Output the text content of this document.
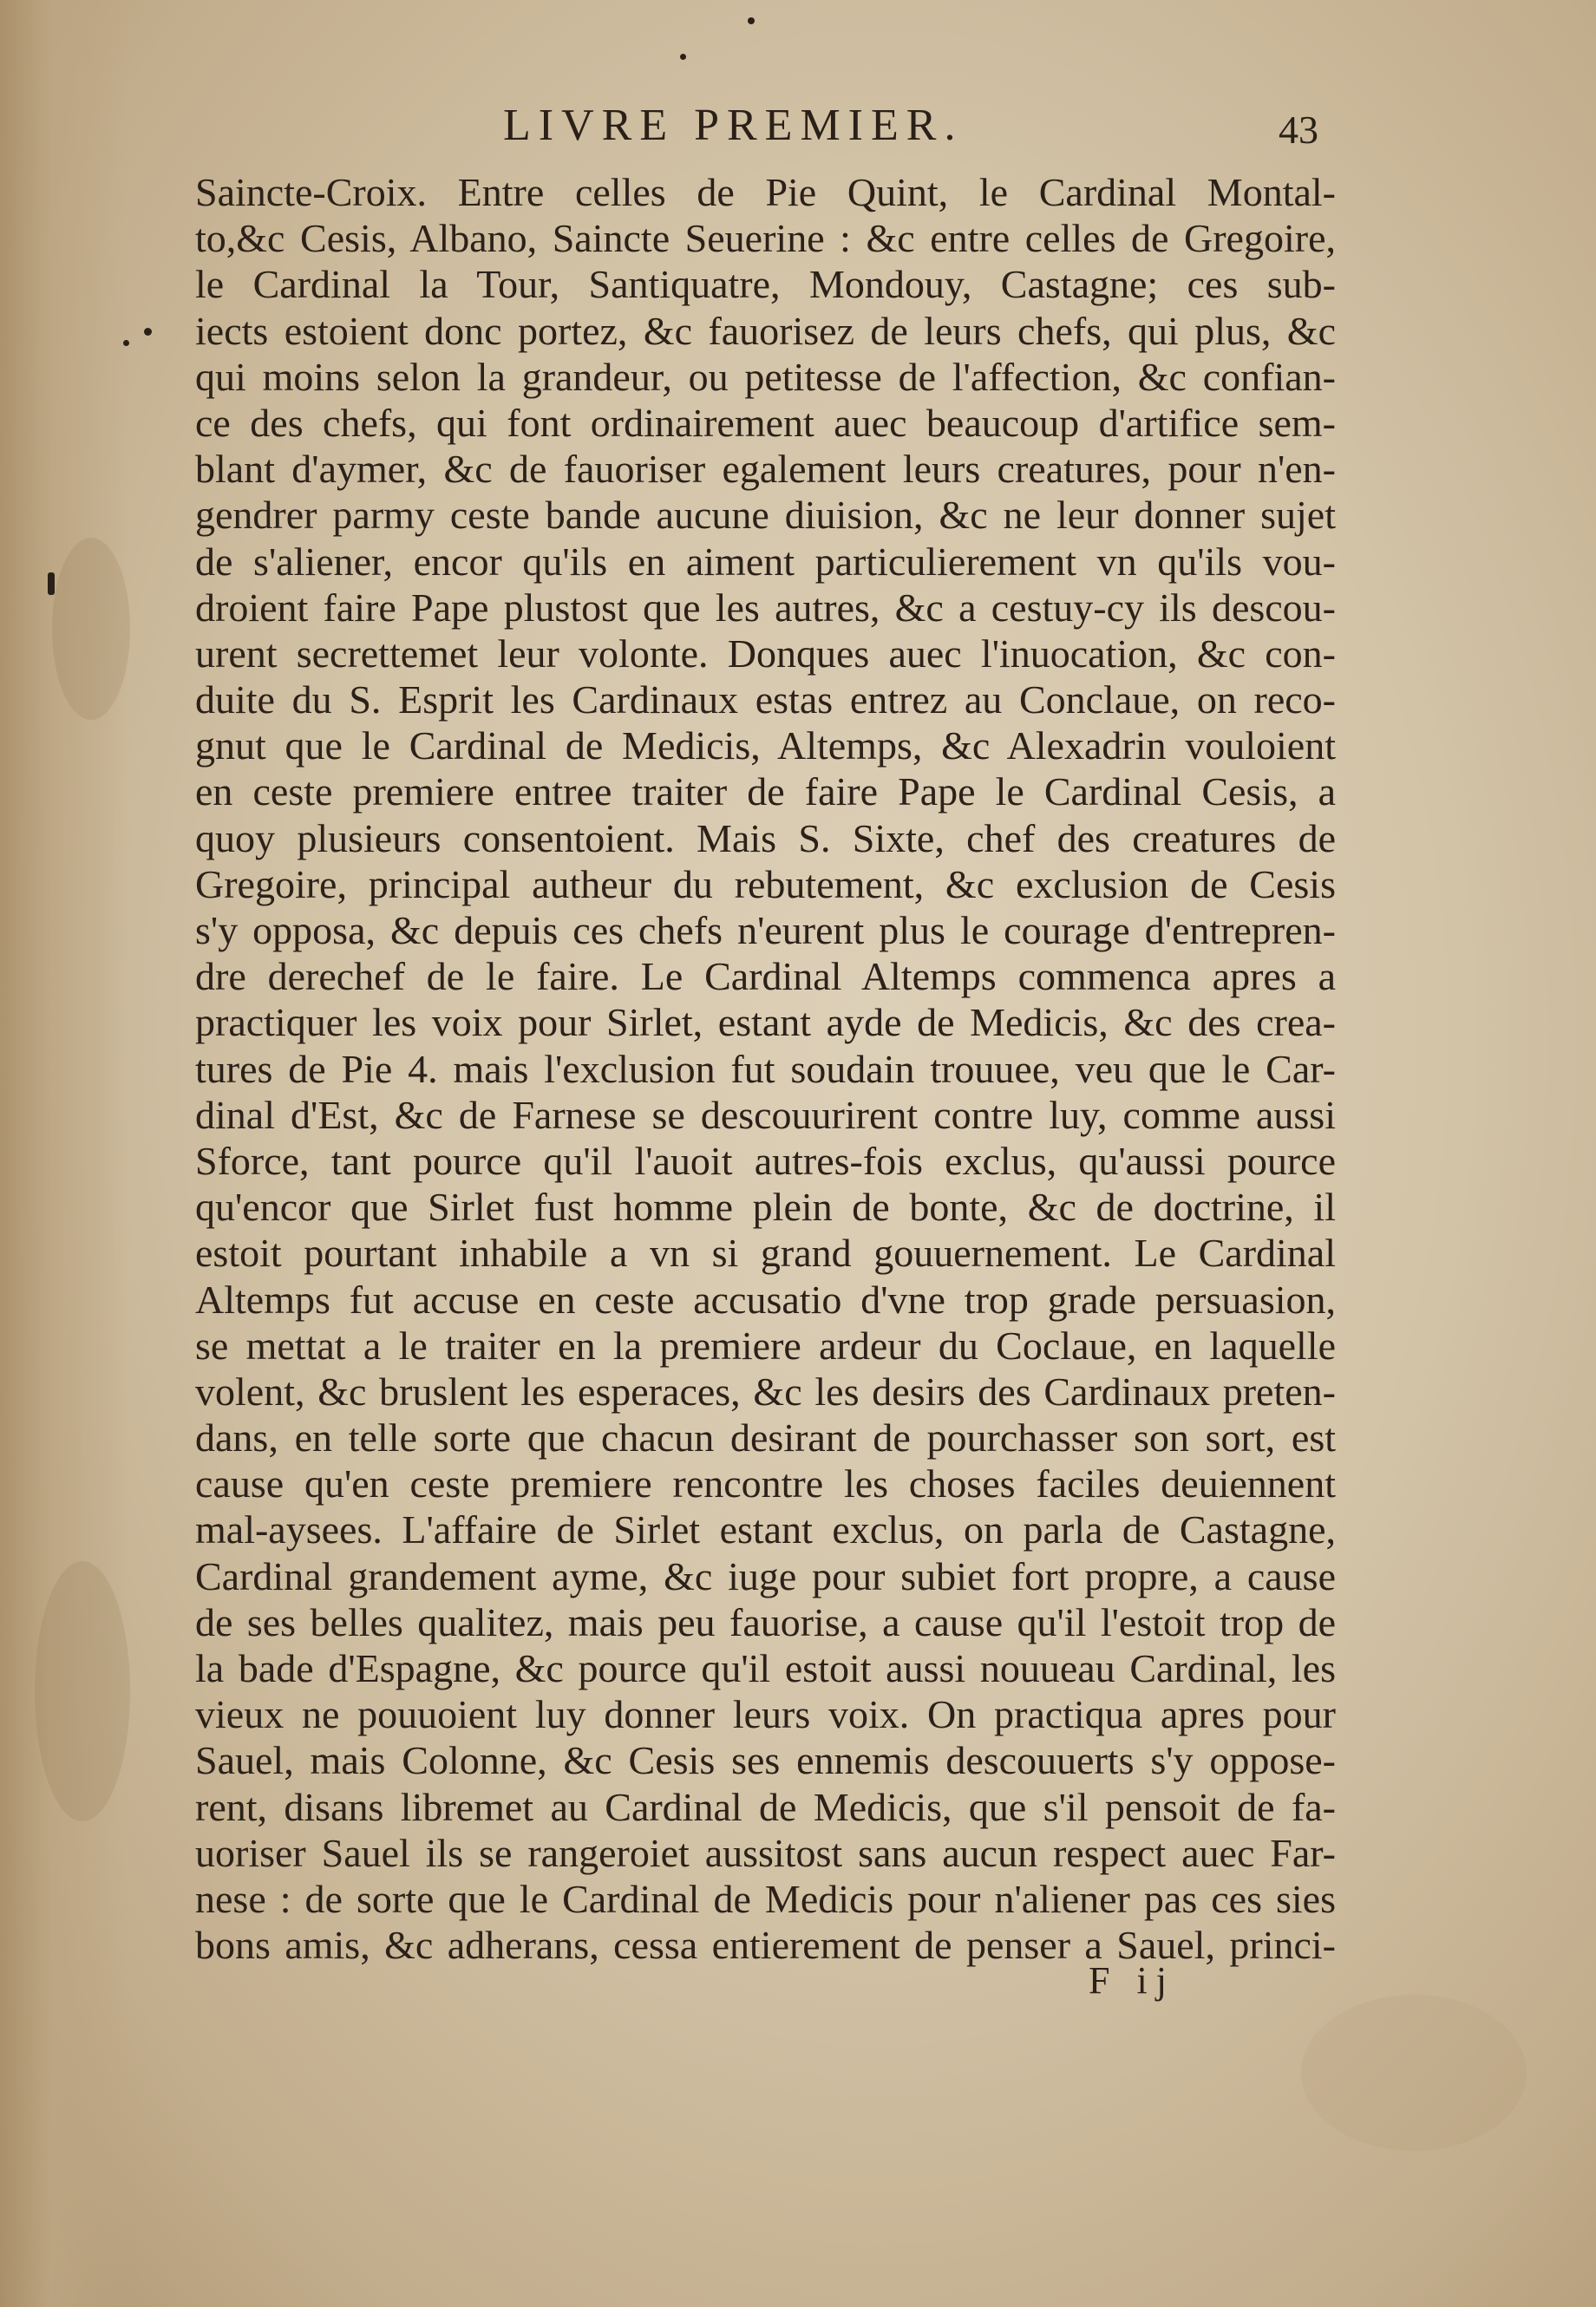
LIVRE PREMIER.	43
Saincte-Croix. Entre celles de Pie Quint, le Cardinal Montal-
to,&c Cesis, Albano, Saincte Seuerine : &c entre celles de Gregoire,
le Cardinal la Tour, Santiquatre, Mondouy, Castagne; ces sub-
iects estoient donc portez, &c fauorisez de leurs chefs, qui plus, &c
qui moins selon la grandeur, ou petitesse de l'affection, &c confian-
ce des chefs, qui font ordinairement auec beaucoup d'artifice sem-
blant d'aymer, &c de fauoriser egalement leurs creatures, pour n'en-
gendrer parmy ceste bande aucune diuision, &c ne leur donner sujet
de s'aliener, encor qu'ils en aiment particulierement vn qu'ils vou-
droient faire Pape plustost que les autres, &c a cestuy-cy ils descou-
urent secrettemet leur volonte. Donques auec l'inuocation, &c con-
duite du S. Esprit les Cardinaux estas entrez au Conclaue, on reco-
gnut que le Cardinal de Medicis, Altemps, &c Alexadrin vouloient
en ceste premiere entree traiter de faire Pape le Cardinal Cesis, a
quoy plusieurs consentoient. Mais S. Sixte, chef des creatures de
Gregoire, principal autheur du rebutement, &c exclusion de Cesis
s'y opposa, &c depuis ces chefs n'eurent plus le courage d'entrepren-
dre derechef de le faire. Le Cardinal Altemps commenca apres a
practiquer les voix pour Sirlet, estant ayde de Medicis, &c des crea-
tures de Pie 4. mais l'exclusion fut soudain trouuee, veu que le Car-
dinal d'Est, &c de Farnese se descouurirent contre luy, comme aussi
Sforce, tant pource qu'il l'auoit autres-fois exclus, qu'aussi pource
qu'encor que Sirlet fust homme plein de bonte, &c de doctrine, il
estoit pourtant inhabile a vn si grand gouuernement. Le Cardinal
Altemps fut accuse en ceste accusatio d'vne trop grade persuasion,
se mettat a le traiter en la premiere ardeur du Coclaue, en laquelle
volent, &c bruslent les esperaces, &c les desirs des Cardinaux preten-
dans, en telle sorte que chacun desirant de pourchasser son sort, est
cause qu'en ceste premiere rencontre les choses faciles deuiennent
mal-aysees. L'affaire de Sirlet estant exclus, on parla de Castagne,
Cardinal grandement ayme, &c iuge pour subiet fort propre, a cause
de ses belles qualitez, mais peu fauorise, a cause qu'il l'estoit trop de
la bade d'Espagne, &c pource qu'il estoit aussi nouueau Cardinal, les
vieux ne pouuoient luy donner leurs voix. On practiqua apres pour
Sauel, mais Colonne, &c Cesis ses ennemis descouuerts s'y oppose-
rent, disans libremet au Cardinal de Medicis, que s'il pensoit de fa-
uoriser Sauel ils se rangeroiet aussitost sans aucun respect auec Far-
nese : de sorte que le Cardinal de Medicis pour n'aliener pas ces sies
bons amis, &c adherans, cessa entierement de penser a Sauel, princi-
F ij
